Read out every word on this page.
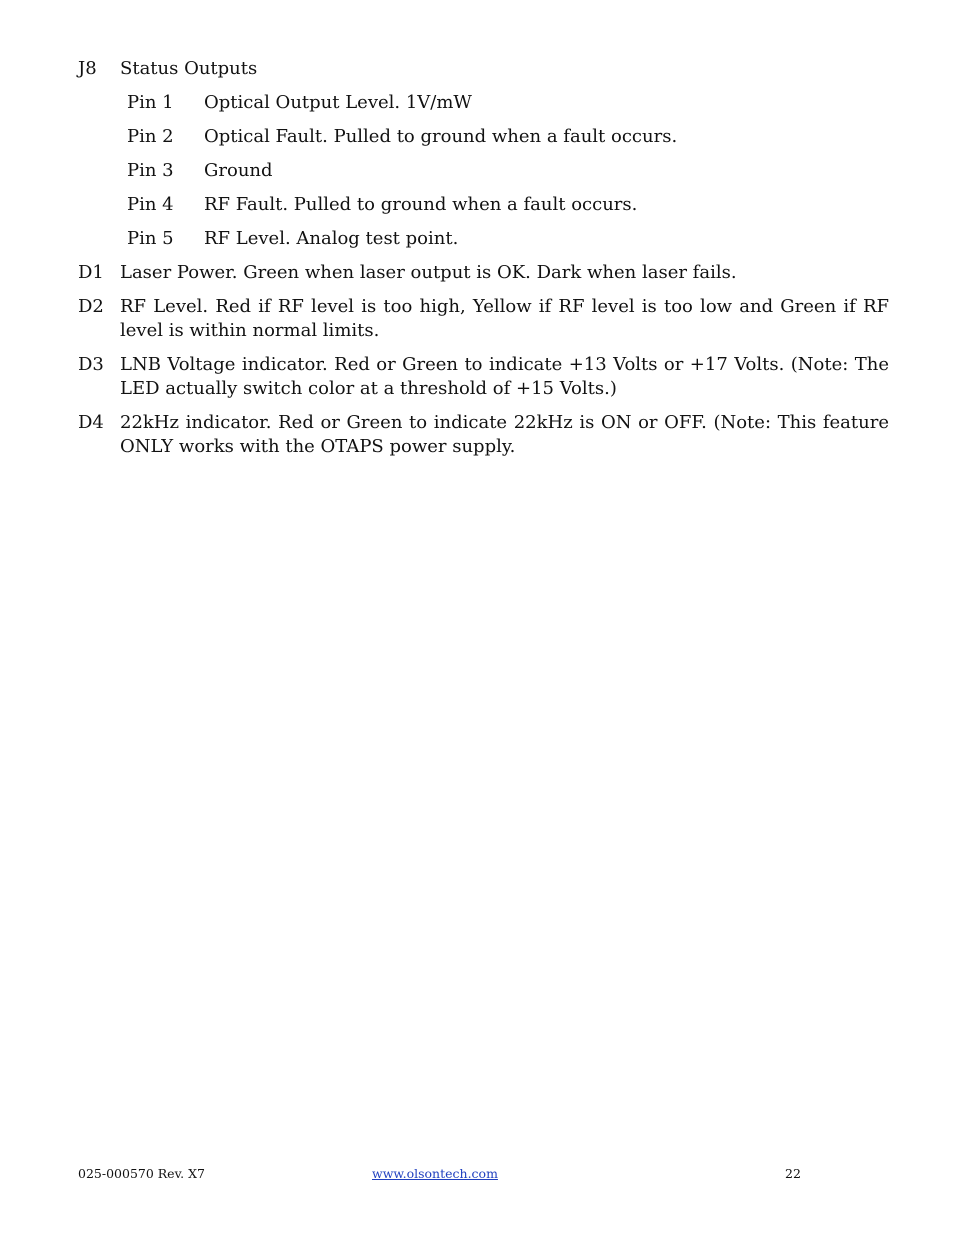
J8	Status Outputs
Pin 1	Optical Output Level. 1V/mW
Pin 2	Optical Fault. Pulled to ground when a fault occurs.
Pin 3	Ground
Pin 4	RF Fault. Pulled to ground when a fault occurs.
Pin 5	RF Level. Analog test point.
D1 Laser Power. Green when laser output is OK. Dark when laser fails.
D2 RF Level. Red if RF level is too high, Yellow if RF level is too low and Green if RF level is within normal limits.
D3 LNB Voltage indicator. Red or Green to indicate +13 Volts or +17 Volts. (Note: The LED actually switch color at a threshold of +15 Volts.)
D4 22kHz indicator. Red or Green to indicate 22kHz is ON or OFF. (Note: This feature ONLY works with the OTAPS power supply.
025-000570 Rev. X7	www.olsontech.com	22
